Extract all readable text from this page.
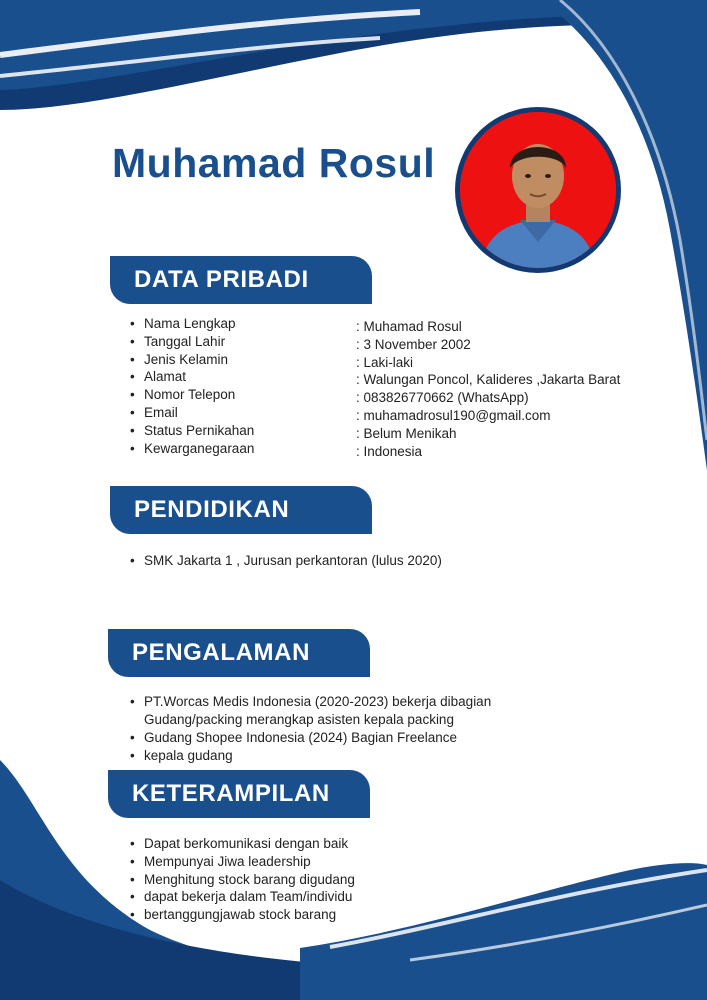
Muhamad Rosul
DATA PRIBADI
• Nama Lengkap
• Tanggal Lahir
• Jenis Kelamin
• Alamat
• Nomor Telepon
• Email
• Status Pernikahan
• Kewarganegaraan
: Muhamad Rosul
: 3 November 2002
: Laki-laki
: Walungan Poncol, Kalideres ,Jakarta Barat
: 083826770662 (WhatsApp)
: muhamadrosul190@gmail.com
: Belum Menikah
: Indonesia
PENDIDIKAN
• SMK Jakarta 1 , Jurusan perkantoran (lulus 2020)
PENGALAMAN
• PT.Worcas Medis Indonesia (2020-2023) bekerja dibagian Gudang/packing merangkap asisten kepala packing
• Gudang Shopee Indonesia (2024) Bagian Freelance
• kepala gudang
KETERAMPILAN
• Dapat berkomunikasi dengan baik
• Mempunyai Jiwa leadership
• Menghitung stock barang digudang
• dapat bekerja dalam Team/individu
• bertanggungjawab stock barang
